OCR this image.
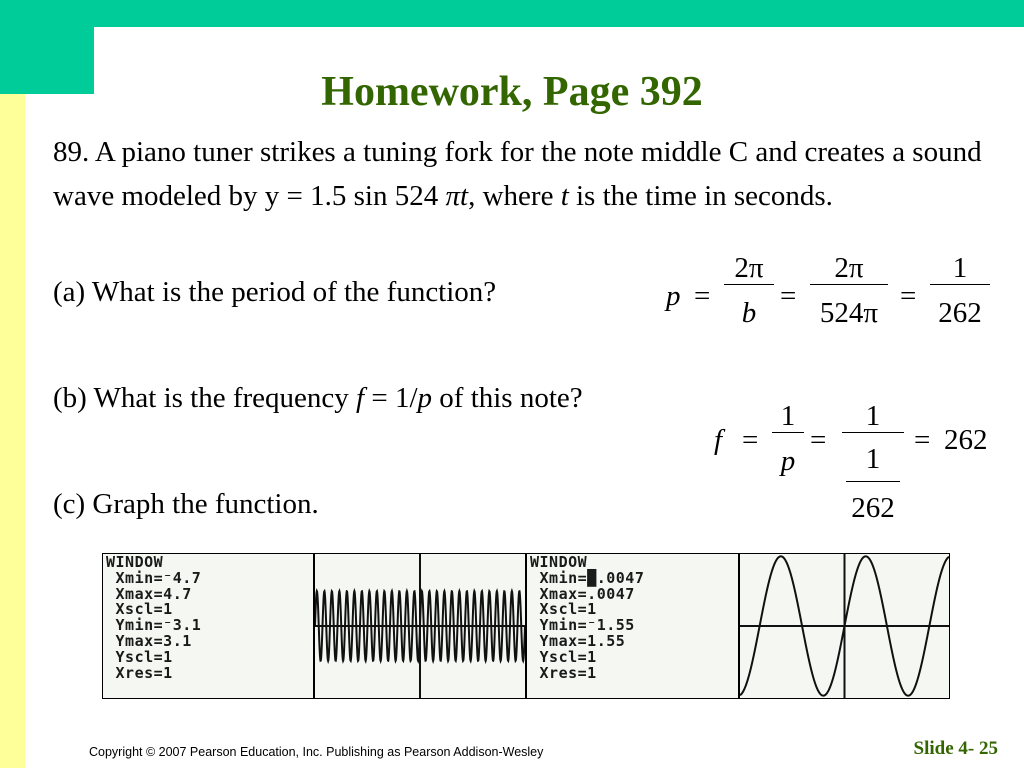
Homework, Page 392
89. A piano tuner strikes a tuning fork for the note middle C and creates a sound wave modeled by y = 1.5 sin 524 πt, where t is the time in seconds.
(a) What is the period of the function?
(b) What is the frequency f = 1/p of this note?
(c) Graph the function.
$p = \frac{2\pi}{b} = \frac{2\pi}{524\pi} = \frac{1}{262}$
$f = \frac{1}{p} = 1$
1
262 = 262
WINDOW
Xmin=⁻4.7
Xmax=4.7
Xscl=1
Ymin=⁻3.1
Ymax=3.1
Yscl=1
Xres=1
WINDOW
Xmin=█.0047
Xmax=.0047
Xscl=1
Ymin=⁻1.55
Ymax=1.55
Yscl=1
Xres=1
Copyright © 2007 Pearson Education, Inc. Publishing as Pearson Addison-Wesley	Slide 4- 25
